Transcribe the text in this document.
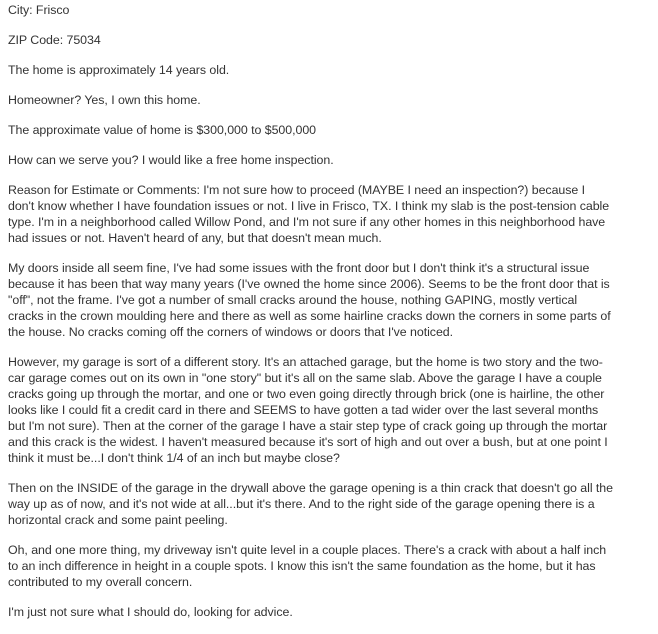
City: Frisco

ZIP Code: 75034

The home is approximately 14 years old.

Homeowner? Yes, I own this home.

The approximate value of home is $300,000 to $500,000

How can we serve you? I would like a free home inspection.

Reason for Estimate or Comments: I'm not sure how to proceed (MAYBE I need an inspection?) because I

don't know whether I have foundation issues or not. I live in Frisco, TX. I think my slab is the post-tension cable

type. I'm in a neighborhood called Willow Pond, and I'm not sure if any other homes in this neighborhood have

had issues or not. Haven't heard of any, but that doesn't mean much.

My doors inside all seem fine, I've had some issues with the front door but I don't think it's a structural issue

because it has been that way many years (I've owned the home since 2006). Seems to be the front door that is

"off", not the frame. I've got a number of small cracks around the house, nothing GAPING, mostly vertical

cracks in the crown moulding here and there as well as some hairline cracks down the corners in some parts of

the house. No cracks coming off the corners of windows or doors that I've noticed.

However, my garage is sort of a different story. It's an attached garage, but the home is two story and the two-

car garage comes out on its own in "one story" but it's all on the same slab. Above the garage I have a couple

cracks going up through the mortar, and one or two even going directly through brick (one is hairline, the other

looks like I could fit a credit card in there and SEEMS to have gotten a tad wider over the last several months

but I'm not sure). Then at the corner of the garage I have a stair step type of crack going up through the mortar

and this crack is the widest. I haven't measured because it's sort of high and out over a bush, but at one point I

think it must be...I don't think 1/4 of an inch but maybe close?

Then on the INSIDE of the garage in the drywall above the garage opening is a thin crack that doesn't go all the

way up as of now, and it's not wide at all...but it's there. And to the right side of the garage opening there is a

horizontal crack and some paint peeling.

Oh, and one more thing, my driveway isn't quite level in a couple places. There's a crack with about a half inch

to an inch difference in height in a couple spots. I know this isn't the same foundation as the home, but it has

contributed to my overall concern.

I'm just not sure what I should do, looking for advice.
